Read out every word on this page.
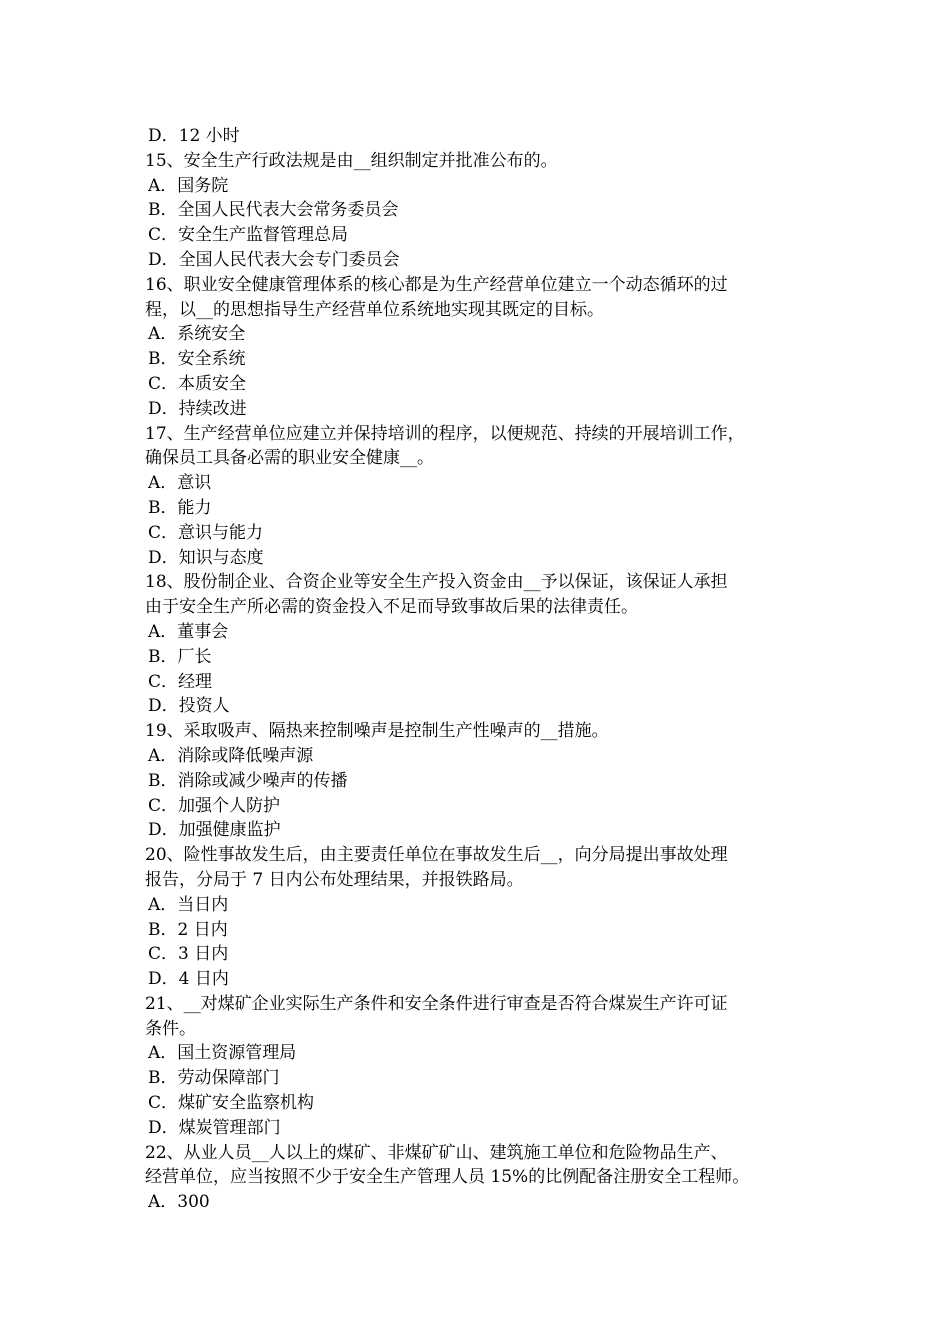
D．12 小时
15、安全生产行政法规是由__组织制定并批准公布的。
A．国务院
B．全国人民代表大会常务委员会
C．安全生产监督管理总局
D．全国人民代表大会专门委员会
16、职业安全健康管理体系的核心都是为生产经营单位建立一个动态循环的过
程，以__的思想指导生产经营单位系统地实现其既定的目标。
A．系统安全
B．安全系统
C．本质安全
D．持续改进
17、生产经营单位应建立并保持培训的程序，以便规范、持续的开展培训工作，
确保员工具备必需的职业安全健康__。
A．意识
B．能力
C．意识与能力
D．知识与态度
18、股份制企业、合资企业等安全生产投入资金由__予以保证，该保证人承担
由于安全生产所必需的资金投入不足而导致事故后果的法律责任。
A．董事会
B．厂长
C．经理
D．投资人
19、采取吸声、隔热来控制噪声是控制生产性噪声的__措施。
A．消除或降低噪声源
B．消除或减少噪声的传播
C．加强个人防护
D．加强健康监护
20、险性事故发生后，由主要责任单位在事故发生后__，向分局提出事故处理
报告，分局于 7 日内公布处理结果，并报铁路局。
A．当日内
B．2 日内
C．3 日内
D．4 日内
21、__对煤矿企业实际生产条件和安全条件进行审查是否符合煤炭生产许可证
条件。
A．国土资源管理局
B．劳动保障部门
C．煤矿安全监察机构
D．煤炭管理部门
22、从业人员__人以上的煤矿、非煤矿矿山、建筑施工单位和危险物品生产、
经营单位，应当按照不少于安全生产管理人员 15%的比例配备注册安全工程师。
A．300
